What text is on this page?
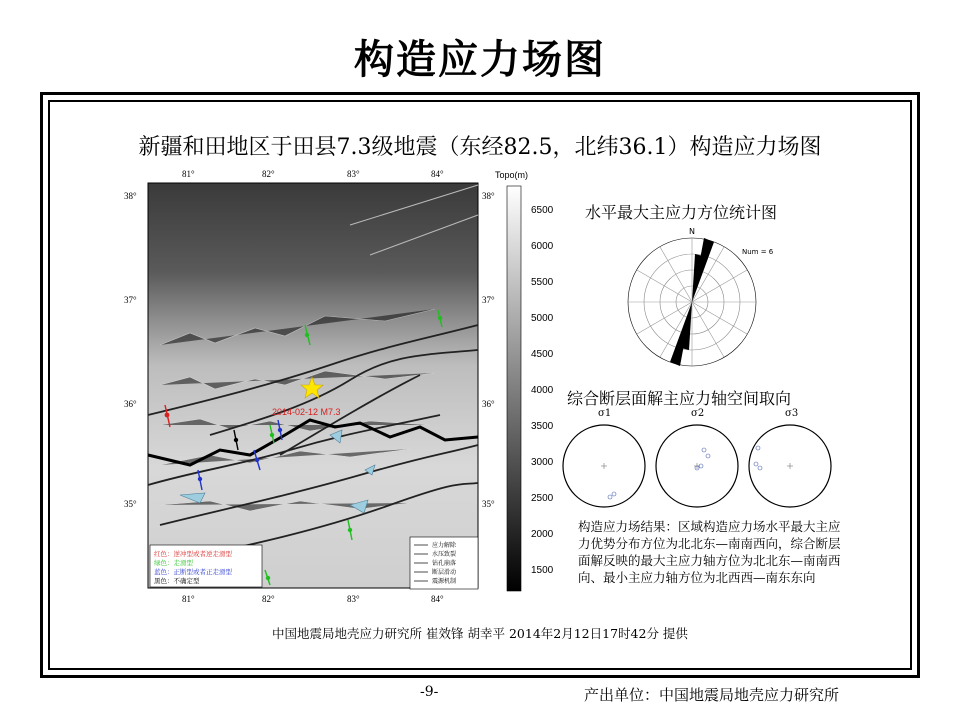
构造应力场图
新疆和田地区于田县7.3级地震（东经82.5，北纬36.1）构造应力场图
2014-02-12 M7.3
81°	82°	83°	84°
81°	82°	83°	84°
38°
37°
36°
35°
38°
37°
36°
35°
红色：逆冲型或者逆走滑型
绿色：走滑型
蓝色：正断型或者正走滑型
黑色：不确定型
应力解除
水压致裂
钻孔崩落
断层滑动
震源机制
Topo(m)
6500
6000
5500
5000
4500
4000
3500
3000
2500
2000
1500
水平最大主应力方位统计图
N
Num = 6
综合断层面解主应力轴空间取向
σ1	σ2	σ3
构造应力场结果：区域构造应力场水平最大主应力优势分布方位为北北东—南南西向，综合断层面解反映的最大主应力轴方位为北北东—南南西向、最小主应力轴方位为北西西—南东东向
中国地震局地壳应力研究所 崔效锋 胡幸平 2014年2月12日17时42分 提供
-9-	产出单位：中国地震局地壳应力研究所
